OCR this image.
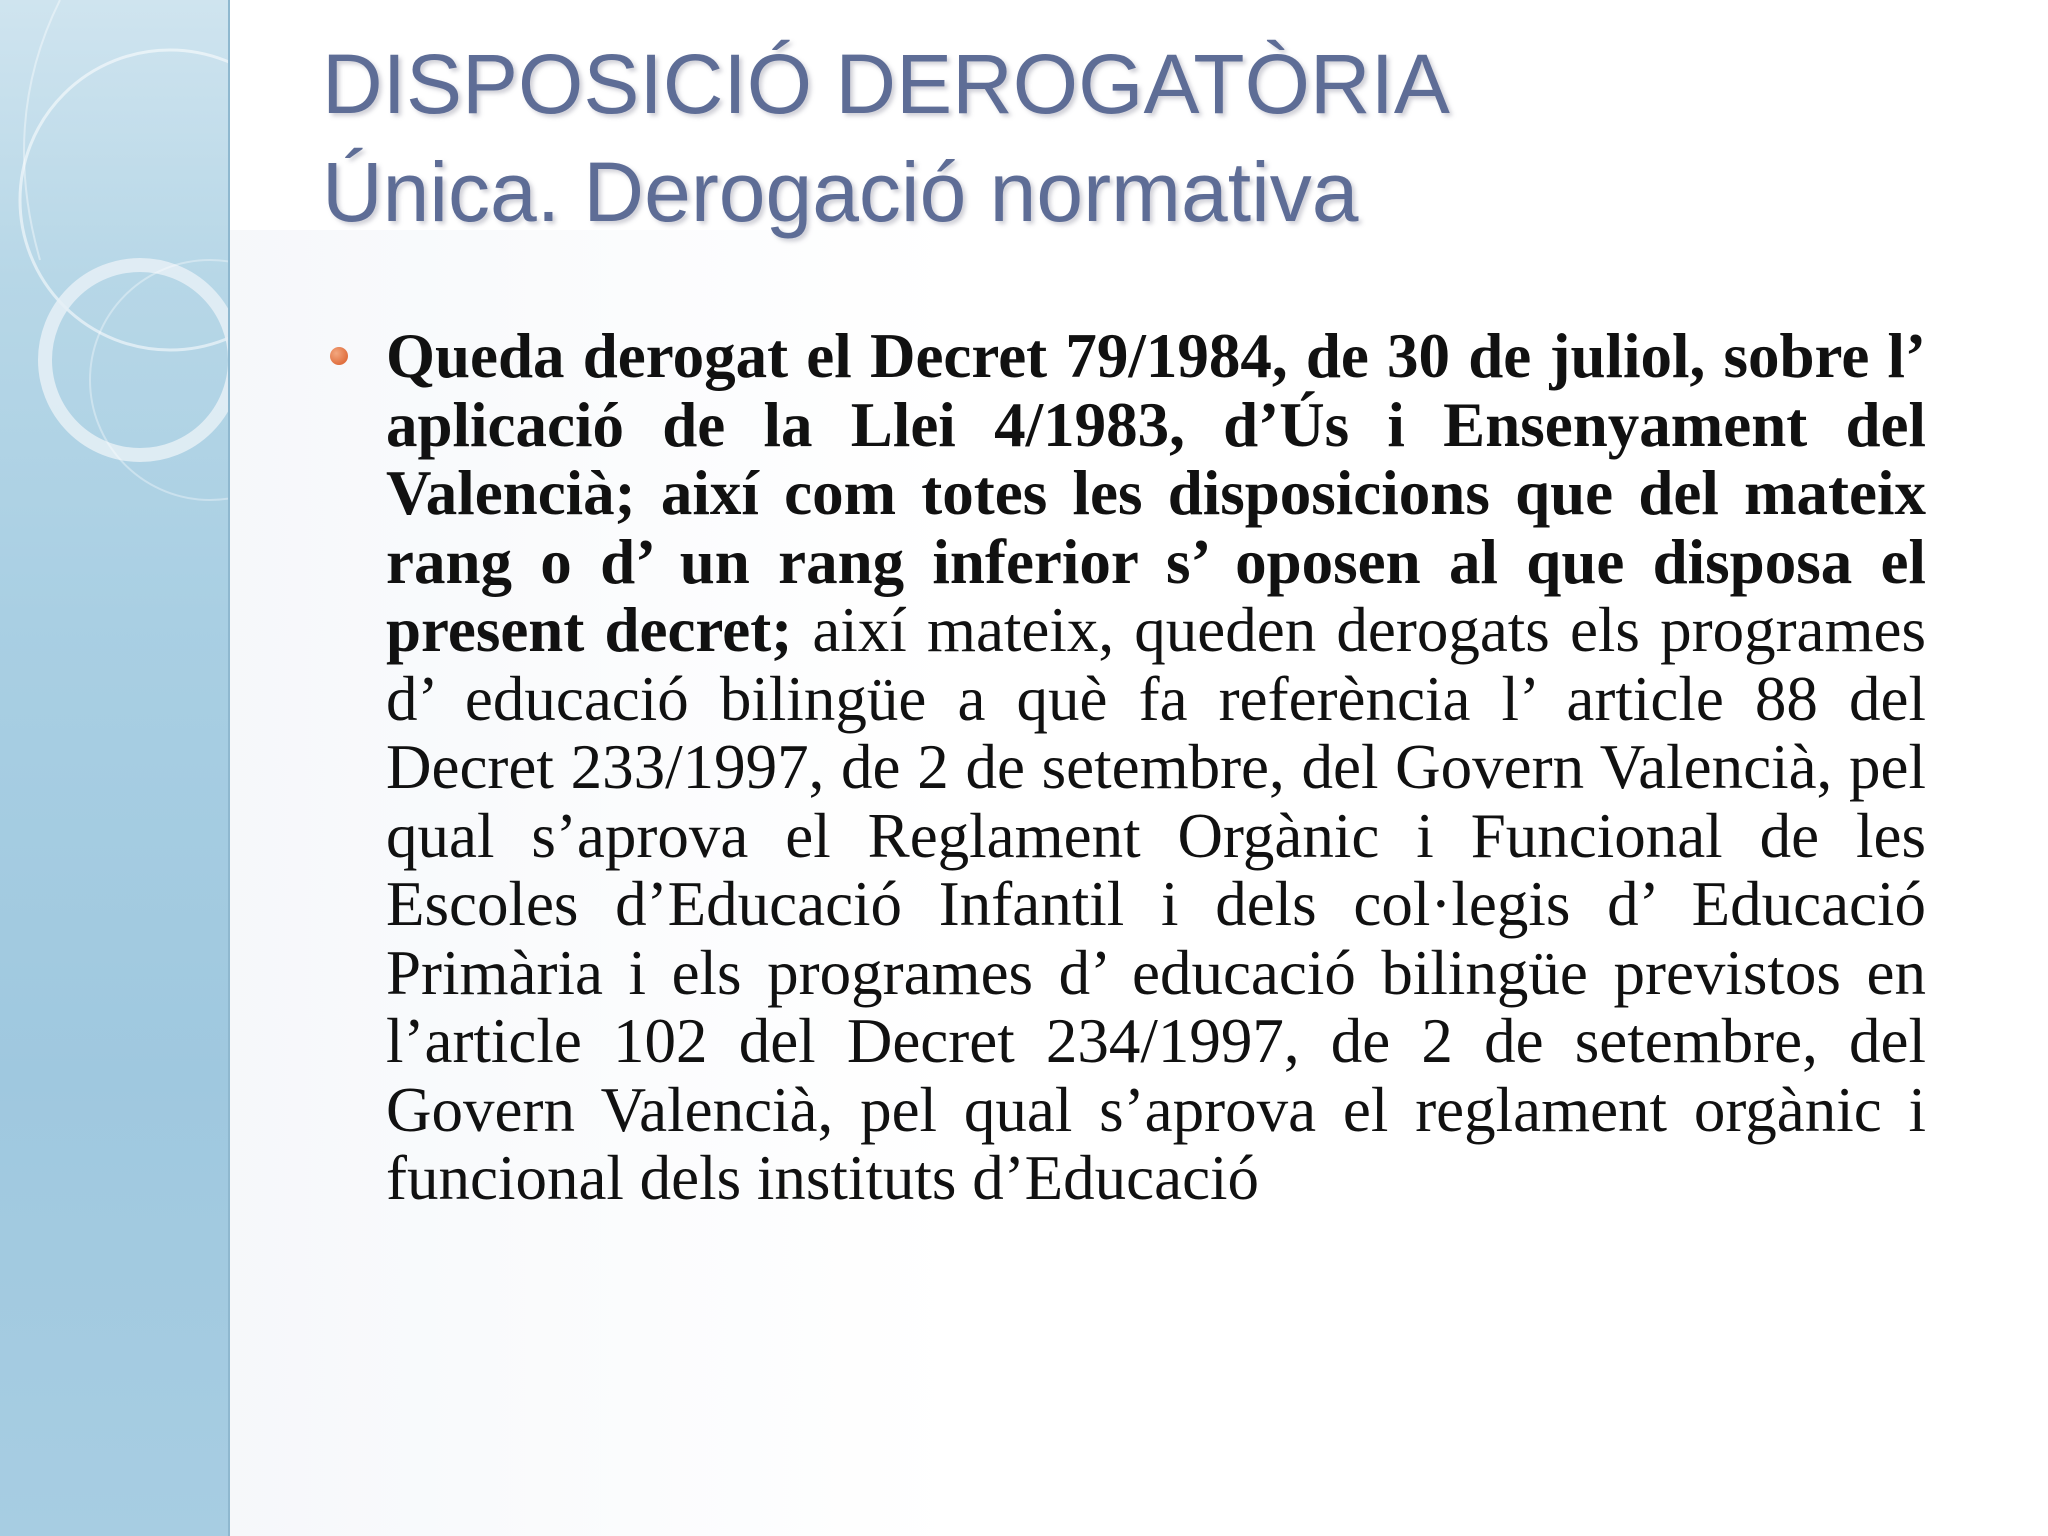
DISPOSICIÓ DEROGATÒRIA
Única. Derogació normativa
Queda derogat el Decret 79/1984, de 30 de juliol, sobre l’ aplicació de la Llei 4/1983, d’Ús i Ensenyament del Valencià; així com totes les disposicions que del mateix rang o d’ un rang inferior s’ oposen al que disposa el present decret; així mateix, queden derogats els programes d’ educació bilingüe a què fa referència l’ article 88 del Decret 233/1997, de 2 de setembre, del Govern Valencià, pel qual s’aprova el Reglament Orgànic i Funcional de les Escoles d’Educació Infantil i dels col·legis d’ Educació Primària i els programes d’ educació bilingüe previstos en l’article 102 del Decret 234/1997, de 2 de setembre, del Govern Valencià, pel qual s’aprova el reglament orgànic i funcional dels instituts d’Educació
